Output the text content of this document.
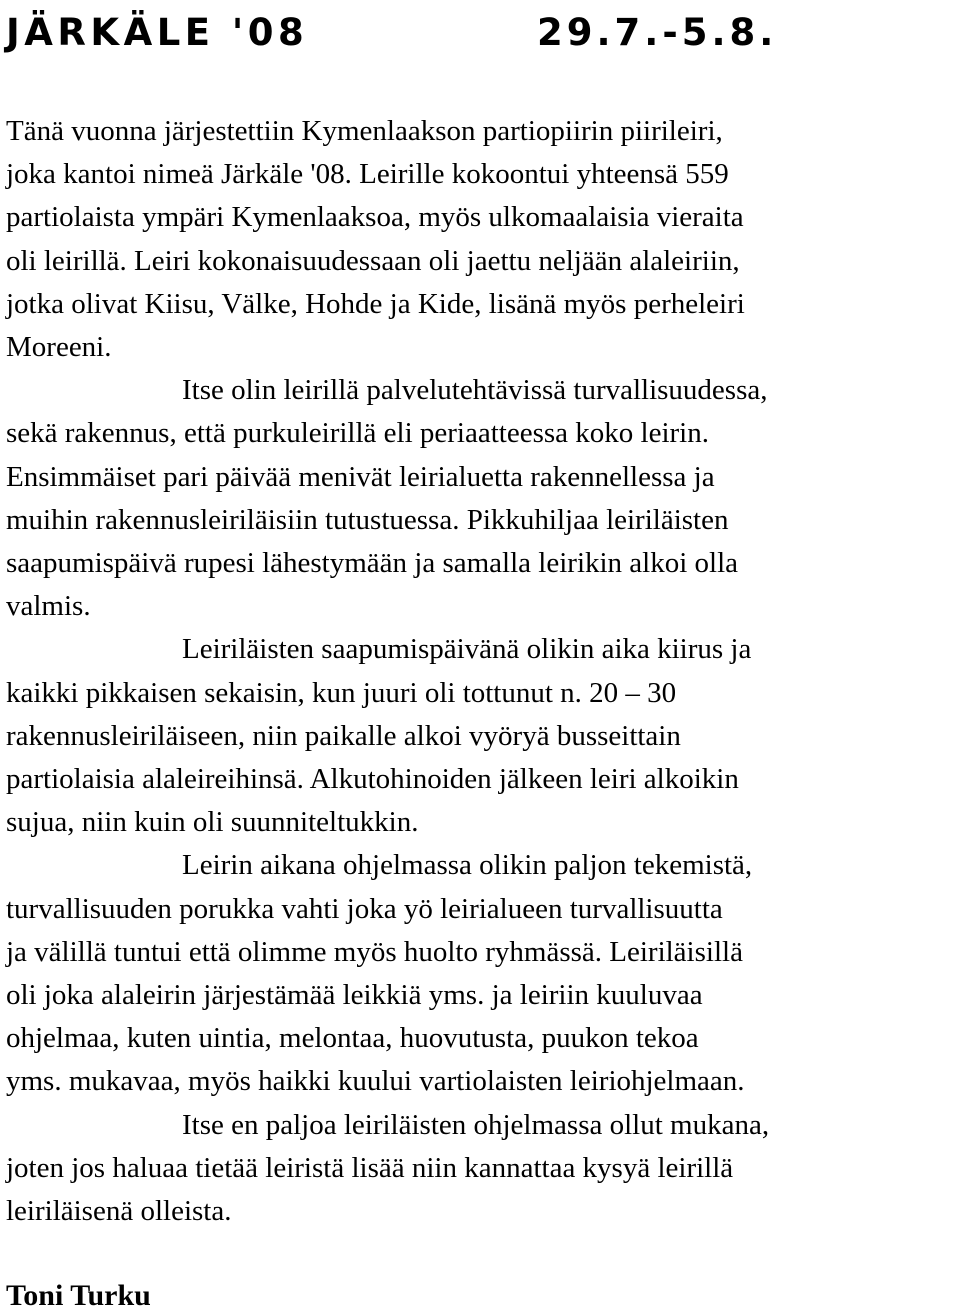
JÄRKÄLE '08	29.7.-5.8.
Tänä vuonna järjestettiin Kymenlaakson partiopiirin piirileiri,
joka kantoi nimeä Järkäle '08. Leirille kokoontui yhteensä 559
partiolaista ympäri Kymenlaaksoa, myös ulkomaalaisia vieraita
oli leirillä. Leiri kokonaisuudessaan oli jaettu neljään alaleiriin,
jotka olivat Kiisu, Välke, Hohde ja Kide, lisänä myös perheleiri
Moreeni.
Itse olin leirillä palvelutehtävissä turvallisuudessa,
sekä rakennus, että purkuleirillä eli periaatteessa koko leirin.
Ensimmäiset pari päivää menivät leirialuetta rakennellessa ja
muihin rakennusleiriläisiin tutustuessa. Pikkuhiljaa leiriläisten
saapumispäivä rupesi lähestymään ja samalla leirikin alkoi olla
valmis.
Leiriläisten saapumispäivänä olikin aika kiirus ja
kaikki pikkaisen sekaisin, kun juuri oli tottunut n. 20 – 30
rakennusleiriläiseen, niin paikalle alkoi vyöryä busseittain
partiolaisia alaleireihinsä. Alkutohinoiden jälkeen leiri alkoikin
sujua, niin kuin oli suunniteltukkin.
Leirin aikana ohjelmassa olikin paljon tekemistä,
turvallisuuden porukka vahti joka yö leirialueen turvallisuutta
ja välillä tuntui että olimme myös huolto ryhmässä. Leiriläisillä
oli joka alaleirin järjestämää leikkiä yms. ja leiriin kuuluvaa
ohjelmaa, kuten uintia, melontaa, huovutusta, puukon tekoa
yms. mukavaa, myös haikki kuului vartiolaisten leiriohjelmaan.
Itse en paljoa leiriläisten ohjelmassa ollut mukana,
joten jos haluaa tietää leiristä lisää niin kannattaa kysyä leirillä
leiriläisenä olleista.
Toni Turku
